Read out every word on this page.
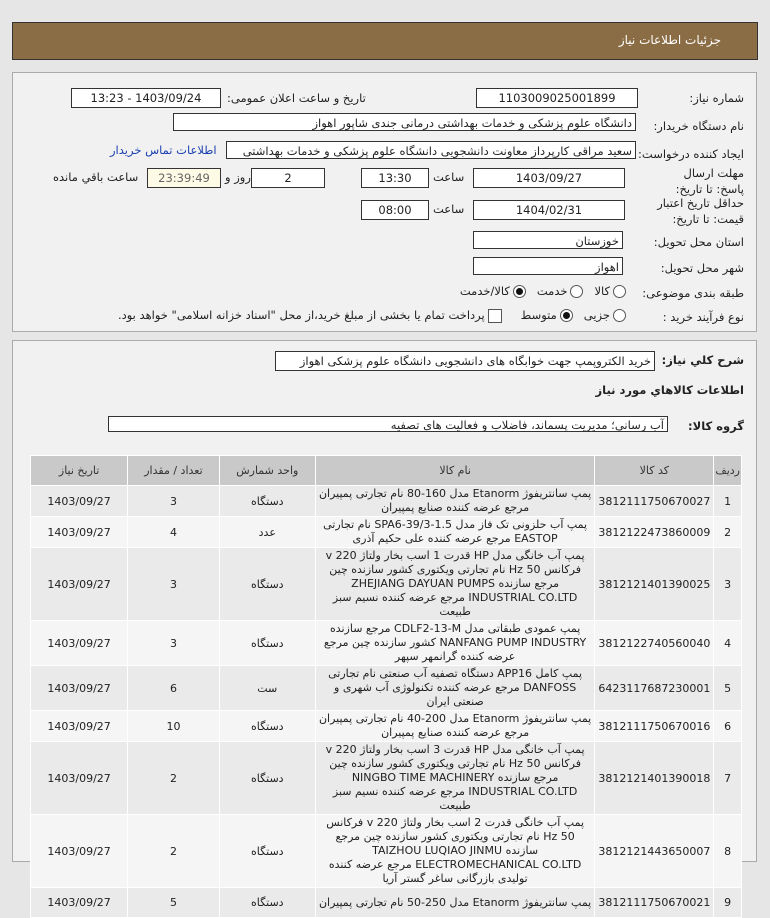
جزئیات اطلاعات نیاز
شماره نیاز:
1103009025001899
تاریخ و ساعت اعلان عمومی:
1403/09/24 - 13:23
نام دستگاه خریدار:
دانشگاه علوم پزشکی و خدمات بهداشتی درمانی جندی شاپور اهواز
ایجاد کننده درخواست:
سعید مراقی کارپرداز معاونت دانشجویی دانشگاه علوم پزشکی و خدمات بهداشتی
اطلاعات تماس خریدار
مهلت ارسال پاسخ: تا تاریخ:
1403/09/27
ساعت
13:30
2
روز و
23:39:49
ساعت باقي مانده
حداقل تاریخ اعتبار قیمت: تا تاریخ:
1404/02/31
ساعت
08:00
استان محل تحویل:
خوزستان
شهر محل تحویل:
اهواز
طبقه بندی موضوعی:
کالا   خدمت   کالا/خدمت
نوع فرآیند خرید :
جزیی   متوسط      پرداخت تمام یا بخشی از مبلغ خرید،از محل "اسناد خزانه اسلامی" خواهد بود.
شرح کلي نياز:
خرید الکتروپمپ جهت خوابگاه های دانشجویی دانشگاه علوم پزشکی اهواز
اطلاعات کالاهاي مورد نياز
گروه کالا:
آب رسانی؛ مدیریت پسماند، فاضلاب و فعالیت های تصفیه
ردیف	کد کالا	نام کالا	واحد شمارش	تعداد / مقدار	تاریخ نیاز
1	3812111750670027	پمپ سانتریفوژ Etanorm مدل 160-80 نام تجارتی پمپیران مرجع عرضه کننده صنایع پمپیران	دستگاه	3	1403/09/27
2	3812122473860009	پمپ آب حلزونی تک فاز مدل SPA6-39/3-1.5 نام تجارتی EASTOP مرجع عرضه کننده علی حکیم آذری	عدد	4	1403/09/27
3	3812121401390025	پمپ آب خانگی مدل HP قدرت 1 اسب بخار ولتاژ 220 v فرکانس 50 Hz نام تجارتی ویکتوری کشور سازنده چین مرجع سازنده ZHEJIANG DAYUAN PUMPS INDUSTRIAL CO.LTD مرجع عرضه کننده نسیم سبز طبیعت	دستگاه	3	1403/09/27
4	3812122740560040	پمپ عمودی طبقاتی مدل CDLF2-13-M مرجع سازنده NANFANG PUMP INDUSTRY کشور سازنده چین مرجع عرضه کننده گرانمهر سپهر	دستگاه	3	1403/09/27
5	6423117687230001	پمپ کامل APP16 دستگاه تصفیه آب صنعتی نام تجارتی DANFOSS مرجع عرضه کننده تکنولوژی آب شهری و صنعتی ایران	ست	6	1403/09/27
6	3812111750670016	پمپ سانتریفوژ Etanorm مدل 200-40 نام تجارتی پمپیران مرجع عرضه کننده صنایع پمپیران	دستگاه	10	1403/09/27
7	3812121401390018	پمپ آب خانگی مدل HP قدرت 3 اسب بخار ولتاژ 220 v فرکانس 50 Hz نام تجارتی ویکتوری کشور سازنده چین مرجع سازنده NINGBO TIME MACHINERY INDUSTRIAL CO.LTD مرجع عرضه کننده نسیم سبز طبیعت	دستگاه	2	1403/09/27
8	3812121443650007	پمپ آب خانگی قدرت 2 اسب بخار ولتاژ 220 v فرکانس 50 Hz نام تجارتی ویکتوری کشور سازنده چین مرجع سازنده TAIZHOU LUQIAO JINMU ELECTROMECHANICAL CO.LTD مرجع عرضه کننده تولیدی بازرگانی ساغر گستر آریا	دستگاه	2	1403/09/27
9	3812111750670021	پمپ سانتریفوژ Etanorm مدل 250-50 نام تجارتی پمپیران	دستگاه	5	1403/09/27
